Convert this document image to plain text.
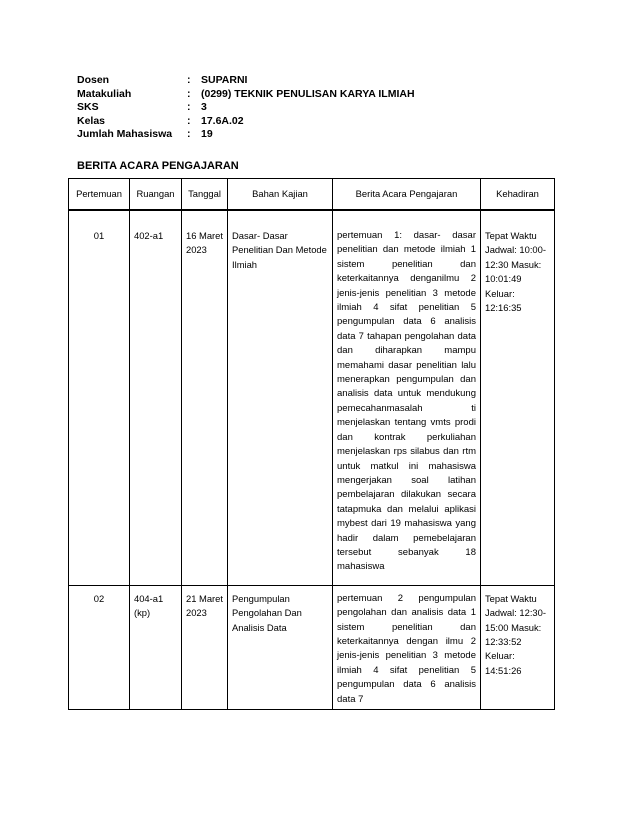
Dosen	:	SUPARNI
Matakuliah	:	(0299) TEKNIK PENULISAN KARYA ILMIAH
SKS	:	3
Kelas	:	17.6A.02
Jumlah Mahasiswa	:	19
BERITA ACARA PENGAJARAN
Pertemuan	Ruangan	Tanggal	Bahan Kajian	Berita Acara Pengajaran	Kehadiran
01	402-a1	16 Maret 2023	Dasar- Dasar Penelitian Dan Metode Ilmiah	pertemuan 1: dasar- dasar penelitian dan metode ilmiah 1 sistem penelitian dan keterkaitannya denganilmu 2 jenis-jenis penelitian 3 metode ilmiah 4 sifat penelitian 5 pengumpulan data 6 analisis data 7 tahapan pengolahan data dan diharapkan mampu memahami dasar penelitian lalu menerapkan pengumpulan dan analisis data untuk mendukung pemecahanmasalah ti menjelaskan tentang vmts prodi dan kontrak perkuliahan menjelaskan rps silabus dan rtm untuk matkul ini mahasiswa mengerjakan soal latihan pembelajaran dilakukan secara tatapmuka dan melalui aplikasi mybest dari 19 mahasiswa yang hadir dalam pemebelajaran tersebut sebanyak 18 mahasiswa	Tepat Waktu Jadwal: 10:00-12:30 Masuk: 10:01:49 Keluar: 12:16:35
02	404-a1 (kp)	21 Maret 2023	Pengumpulan Pengolahan Dan Analisis Data	pertemuan 2 pengumpulan pengolahan dan analisis data 1 sistem penelitian dan keterkaitannya dengan ilmu 2 jenis-jenis penelitian 3 metode ilmiah 4 sifat penelitian 5 pengumpulan data 6 analisis data 7	Tepat Waktu Jadwal: 12:30-15:00 Masuk: 12:33:52 Keluar: 14:51:26
